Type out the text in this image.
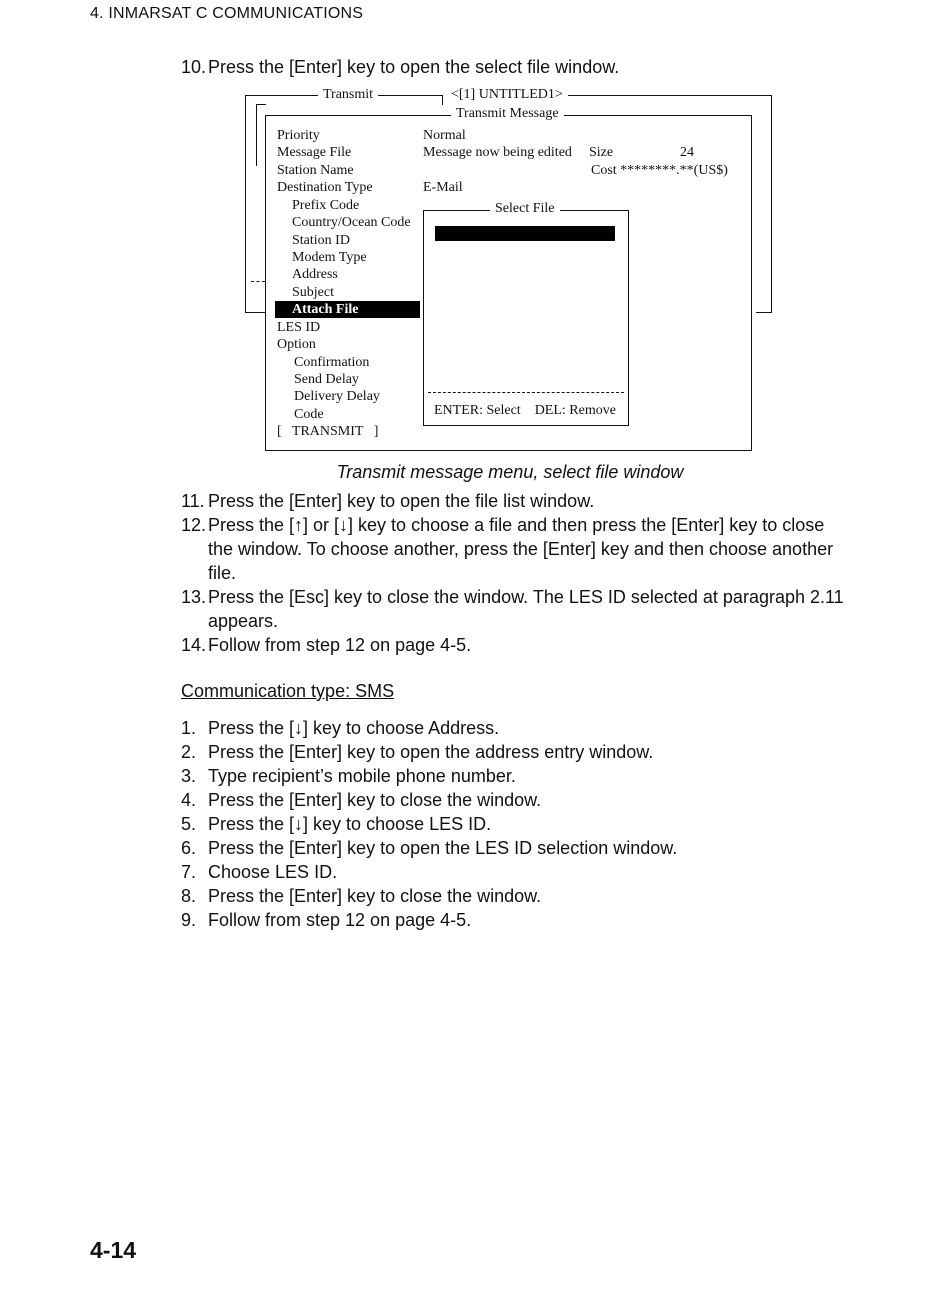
4. INMARSAT C COMMUNICATIONS
10. Press the [Enter] key to open the select file window.
Transmit	<[1] UNTITLED1>
Transmit Message
Priority
Message File
Station Name
Destination Type
Prefix Code
Country/Ocean Code
Station ID
Modem Type
Address
Subject
Attach File
LES ID
Option
Confirmation
Send Delay
Delivery Delay
Code
[   TRANSMIT   ]
Normal
Message now being edited Size	24
Cost ********.**(US$)
E-Mail
ENTER: Select    DEL: Remove
Select File
Transmit message menu, select file window
11. Press the [Enter] key to open the file list window.
12. Press the [↑] or [↓] key to choose a file and then press the [Enter] key to close the window. To choose another, press the [Enter] key and then choose another file.
13. Press the [Esc] key to close the window. The LES ID selected at paragraph 2.11 appears.
14. Follow from step 12 on page 4-5.
Communication type: SMS
1. Press the [↓] key to choose Address.
2. Press the [Enter] key to open the address entry window.
3. Type recipient’s mobile phone number.
4. Press the [Enter] key to close the window.
5. Press the [↓] key to choose LES ID.
6. Press the [Enter] key to open the LES ID selection window.
7. Choose LES ID.
8. Press the [Enter] key to close the window.
9. Follow from step 12 on page 4-5.
4-14
